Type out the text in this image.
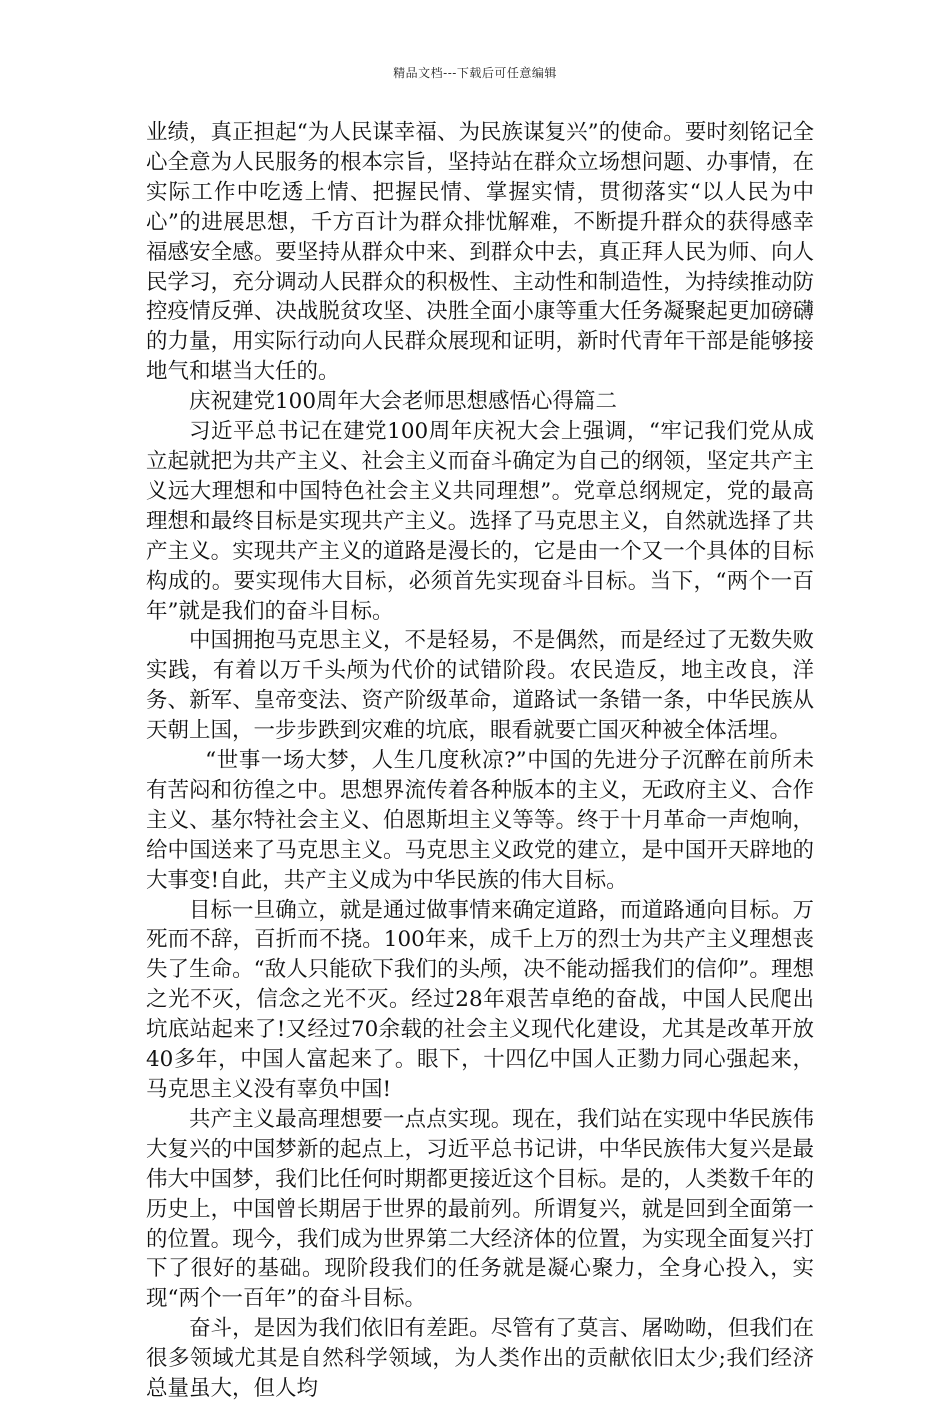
精品文档---下载后可任意编辑

业绩，真正担起“为人民谋幸福、为民族谋复兴”的使命。要时刻铭记全心全意为人民服务的根本宗旨，坚持站在群众立场想问题、办事情，在实际工作中吃透上情、把握民情、掌握实情，贯彻落实“以人民为中心”的进展思想，千方百计为群众排忧解难，不断提升群众的获得感幸福感安全感。要坚持从群众中来、到群众中去，真正拜人民为师、向人民学习，充分调动人民群众的积极性、主动性和制造性，为持续推动防控疫情反弹、决战脱贫攻坚、决胜全面小康等重大任务凝聚起更加磅礴的力量，用实际行动向人民群众展现和证明，新时代青年干部是能够接地气和堪当大任的。

庆祝建党100周年大会老师思想感悟心得篇二

习近平总书记在建党100周年庆祝大会上强调，“牢记我们党从成立起就把为共产主义、社会主义而奋斗确定为自己的纲领，坚定共产主义远大理想和中国特色社会主义共同理想”。党章总纲规定，党的最高理想和最终目标是实现共产主义。选择了马克思主义，自然就选择了共产主义。实现共产主义的道路是漫长的，它是由一个又一个具体的目标构成的。要实现伟大目标，必须首先实现奋斗目标。当下，“两个一百年”就是我们的奋斗目标。

中国拥抱马克思主义，不是轻易，不是偶然，而是经过了无数失败实践，有着以万千头颅为代价的试错阶段。农民造反，地主改良，洋务、新军、皇帝变法、资产阶级革命，道路试一条错一条，中华民族从天朝上国，一步步跌到灾难的坑底，眼看就要亡国灭种被全体活埋。

“世事一场大梦，人生几度秋凉?”中国的先进分子沉醉在前所未有苦闷和彷徨之中。思想界流传着各种版本的主义，无政府主义、合作主义、基尔特社会主义、伯恩斯坦主义等等。终于十月革命一声炮响，给中国送来了马克思主义。马克思主义政党的建立，是中国开天辟地的大事变!自此，共产主义成为中华民族的伟大目标。

目标一旦确立，就是通过做事情来确定道路，而道路通向目标。万死而不辞，百折而不挠。100年来，成千上万的烈士为共产主义理想丧失了生命。“敌人只能砍下我们的头颅，决不能动摇我们的信仰”。理想之光不灭，信念之光不灭。经过28年艰苦卓绝的奋战，中国人民爬出坑底站起来了!又经过70余载的社会主义现代化建设，尤其是改革开放40多年，中国人富起来了。眼下，十四亿中国人正勠力同心强起来，马克思主义没有辜负中国!

共产主义最高理想要一点点实现。现在，我们站在实现中华民族伟大复兴的中国梦新的起点上，习近平总书记讲，中华民族伟大复兴是最伟大中国梦，我们比任何时期都更接近这个目标。是的，人类数千年的历史上，中国曾长期居于世界的最前列。所谓复兴，就是回到全面第一的位置。现今，我们成为世界第二大经济体的位置，为实现全面复兴打下了很好的基础。现阶段我们的任务就是凝心聚力，全身心投入，实现“两个一百年”的奋斗目标。

奋斗，是因为我们依旧有差距。尽管有了莫言、屠呦呦，但我们在很多领域尤其是自然科学领域，为人类作出的贡献依旧太少;我们经济总量虽大，但人均
